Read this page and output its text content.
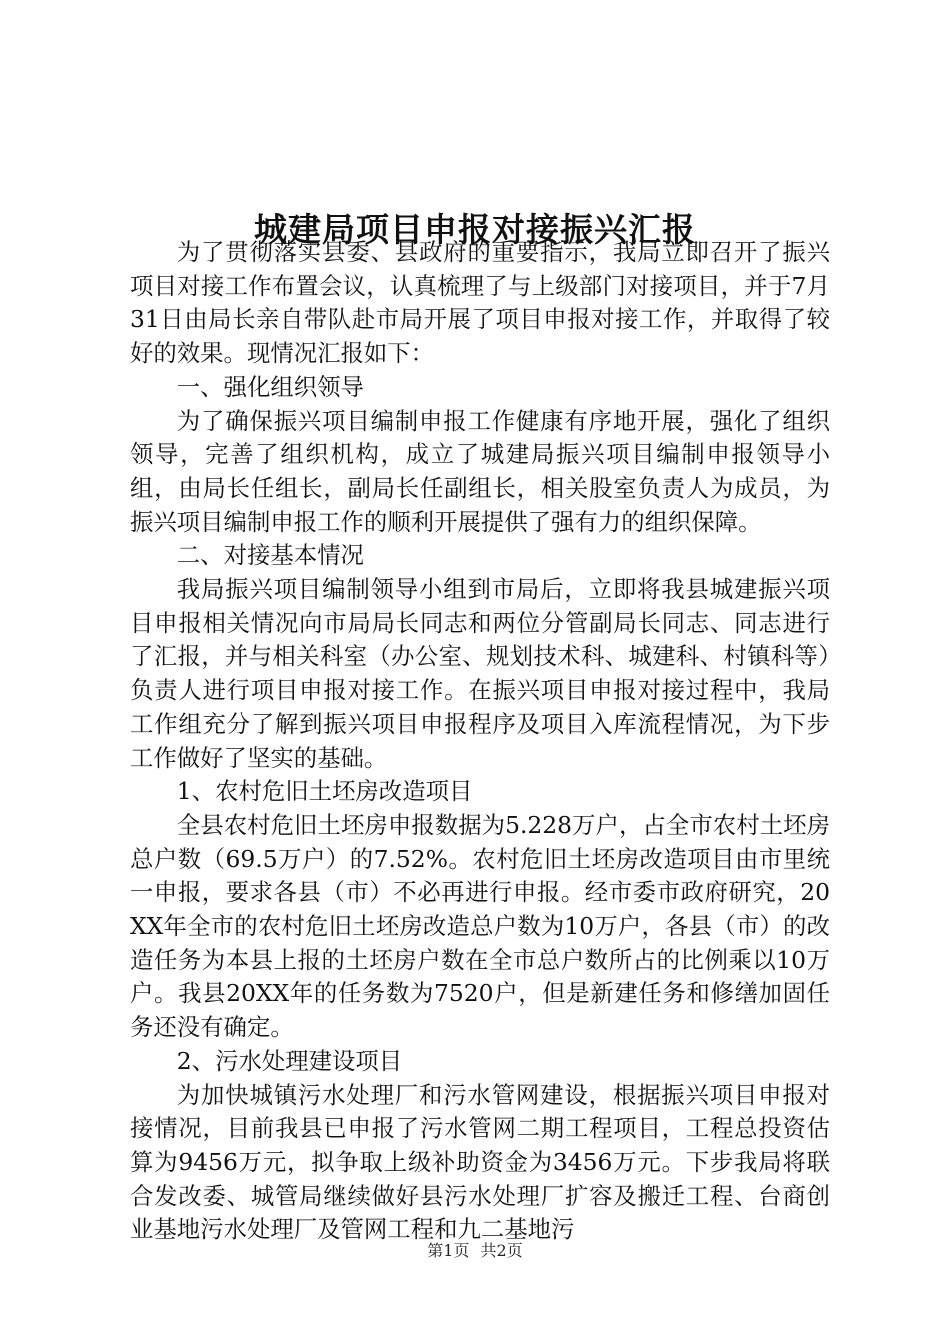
城建局项目申报对接振兴汇报

为了贯彻落实县委、县政府的重要指示，我局立即召开了振兴项目对接工作布置会议，认真梳理了与上级部门对接项目，并于7月31日由局长亲自带队赴市局开展了项目申报对接工作，并取得了较好的效果。现情况汇报如下：

一、强化组织领导

为了确保振兴项目编制申报工作健康有序地开展，强化了组织领导，完善了组织机构，成立了城建局振兴项目编制申报领导小组，由局长任组长，副局长任副组长，相关股室负责人为成员，为振兴项目编制申报工作的顺利开展提供了强有力的组织保障。

二、对接基本情况

我局振兴项目编制领导小组到市局后，立即将我县城建振兴项目申报相关情况向市局局长同志和两位分管副局长同志、同志进行了汇报，并与相关科室（办公室、规划技术科、城建科、村镇科等）负责人进行项目申报对接工作。在振兴项目申报对接过程中，我局工作组充分了解到振兴项目申报程序及项目入库流程情况，为下步工作做好了坚实的基础。

1、农村危旧土坯房改造项目

全县农村危旧土坯房申报数据为5.228万户，占全市农村土坯房总户数（69.5万户）的7.52%。农村危旧土坯房改造项目由市里统一申报，要求各县（市）不必再进行申报。经市委市政府研究，20XX年全市的农村危旧土坯房改造总户数为10万户，各县（市）的改造任务为本县上报的土坯房户数在全市总户数所占的比例乘以10万户。我县20XX年的任务数为7520户，但是新建任务和修缮加固任务还没有确定。

2、污水处理建设项目

为加快城镇污水处理厂和污水管网建设，根据振兴项目申报对接情况，目前我县已申报了污水管网二期工程项目，工程总投资估算为9456万元，拟争取上级补助资金为3456万元。下步我局将联合发改委、城管局继续做好县污水处理厂扩容及搬迁工程、台商创业基地污水处理厂及管网工程和九二基地污

第1页 共2页
